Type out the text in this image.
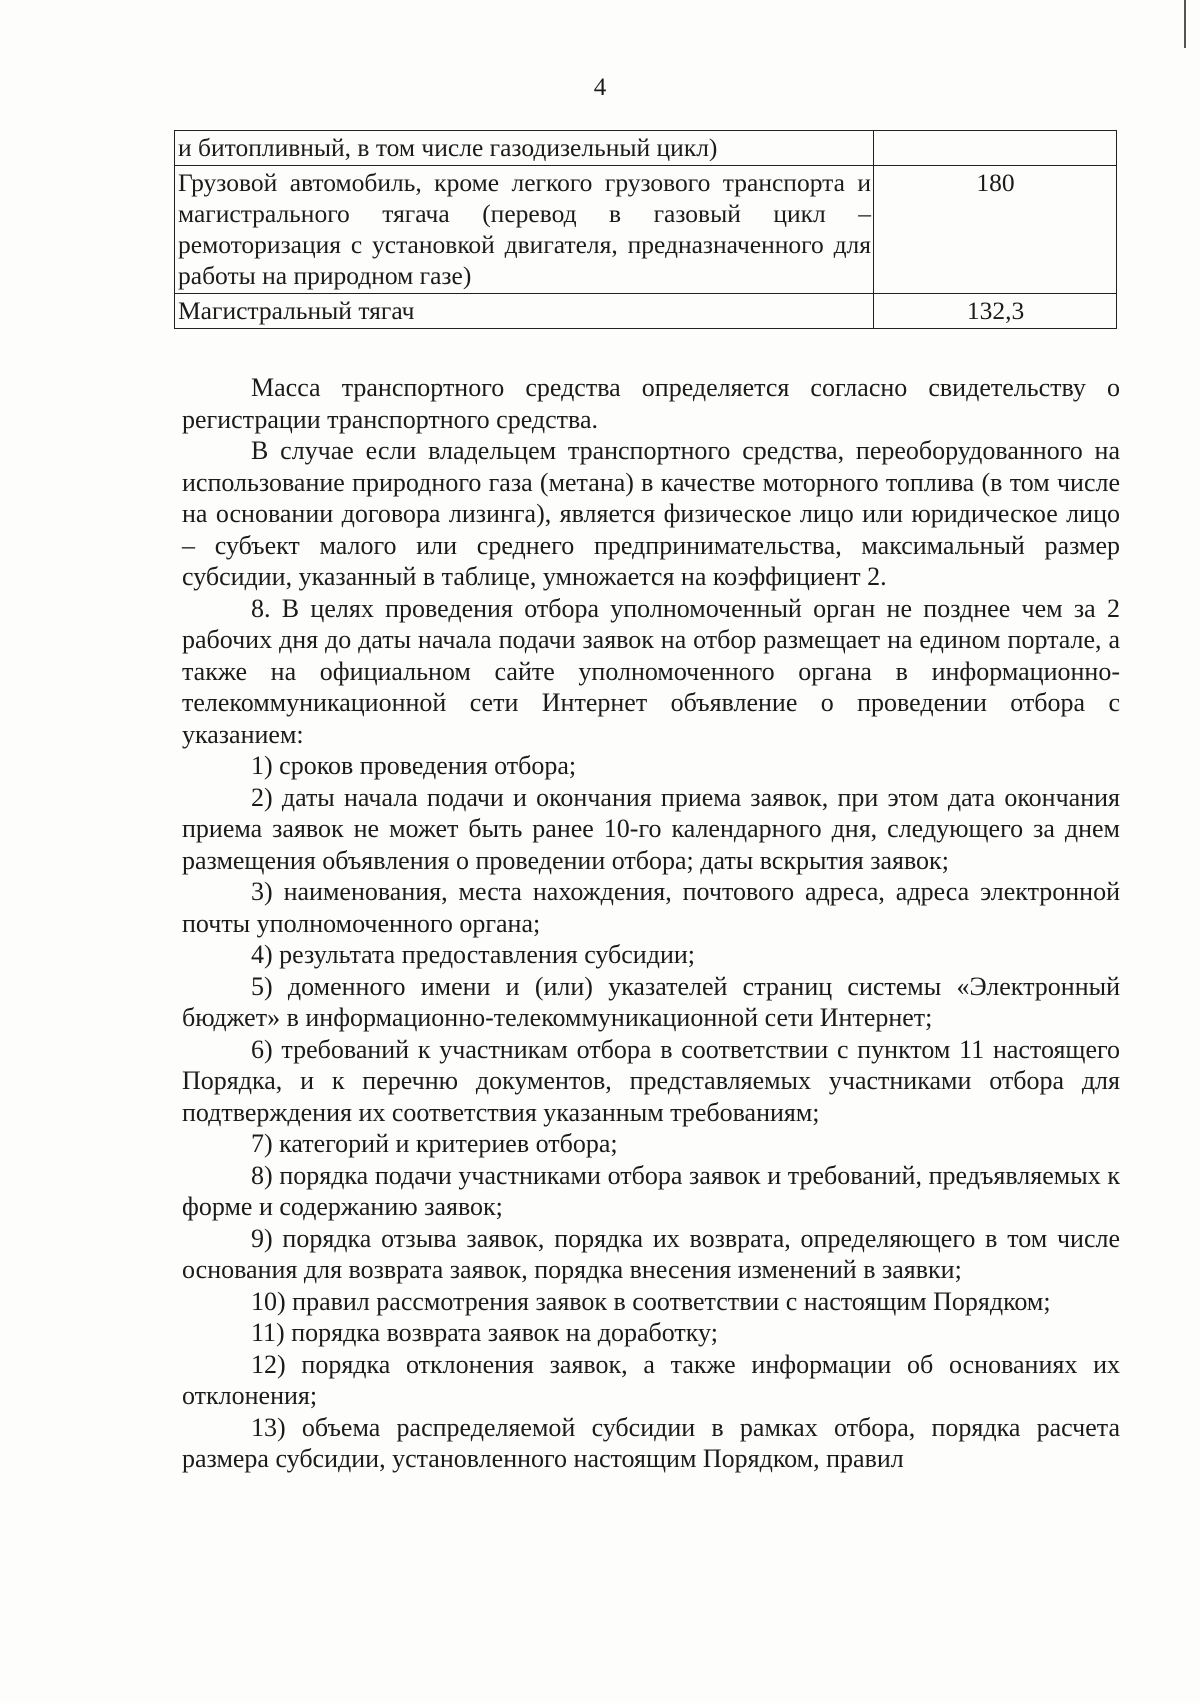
4
и битопливный, в том числе газодизельный цикл)	
Грузовой автомобиль, кроме легкого грузового транспорта и магистрального тягача (перевод в газовый цикл – ремоторизация с установкой двигателя, предназначенного для работы на природном газе)	180
Магистральный тягач	132,3

Масса транспортного средства определяется согласно свидетельству о регистрации транспортного средства.

В случае если владельцем транспортного средства, переоборудованного на использование природного газа (метана) в качестве моторного топлива (в том числе на основании договора лизинга), является физическое лицо или юридическое лицо – субъект малого или среднего предпринимательства, максимальный размер субсидии, указанный в таблице, умножается на коэффициент 2.

8. В целях проведения отбора уполномоченный орган не позднее чем за 2 рабочих дня до даты начала подачи заявок на отбор размещает на едином портале, а также на официальном сайте уполномоченного органа в информационно-телекоммуникационной сети Интернет объявление о проведении отбора с указанием:

1) сроков проведения отбора;

2) даты начала подачи и окончания приема заявок, при этом дата окончания приема заявок не может быть ранее 10-го календарного дня, следующего за днем размещения объявления о проведении отбора; даты вскрытия заявок;

3) наименования, места нахождения, почтового адреса, адреса электронной почты уполномоченного органа;

4) результата предоставления субсидии;

5) доменного имени и (или) указателей страниц системы «Электронный бюджет» в информационно-телекоммуникационной сети Интернет;

6) требований к участникам отбора в соответствии с пунктом 11 настоящего Порядка, и к перечню документов, представляемых участниками отбора для подтверждения их соответствия указанным требованиям;

7) категорий и критериев отбора;

8) порядка подачи участниками отбора заявок и требований, предъявляемых к форме и содержанию заявок;

9) порядка отзыва заявок, порядка их возврата, определяющего в том числе основания для возврата заявок, порядка внесения изменений в заявки;

10) правил рассмотрения заявок в соответствии с настоящим Порядком;

11) порядка возврата заявок на доработку;

12) порядка отклонения заявок, а также информации об основаниях их отклонения;

13) объема распределяемой субсидии в рамках отбора, порядка расчета размера субсидии, установленного настоящим Порядком, правил
